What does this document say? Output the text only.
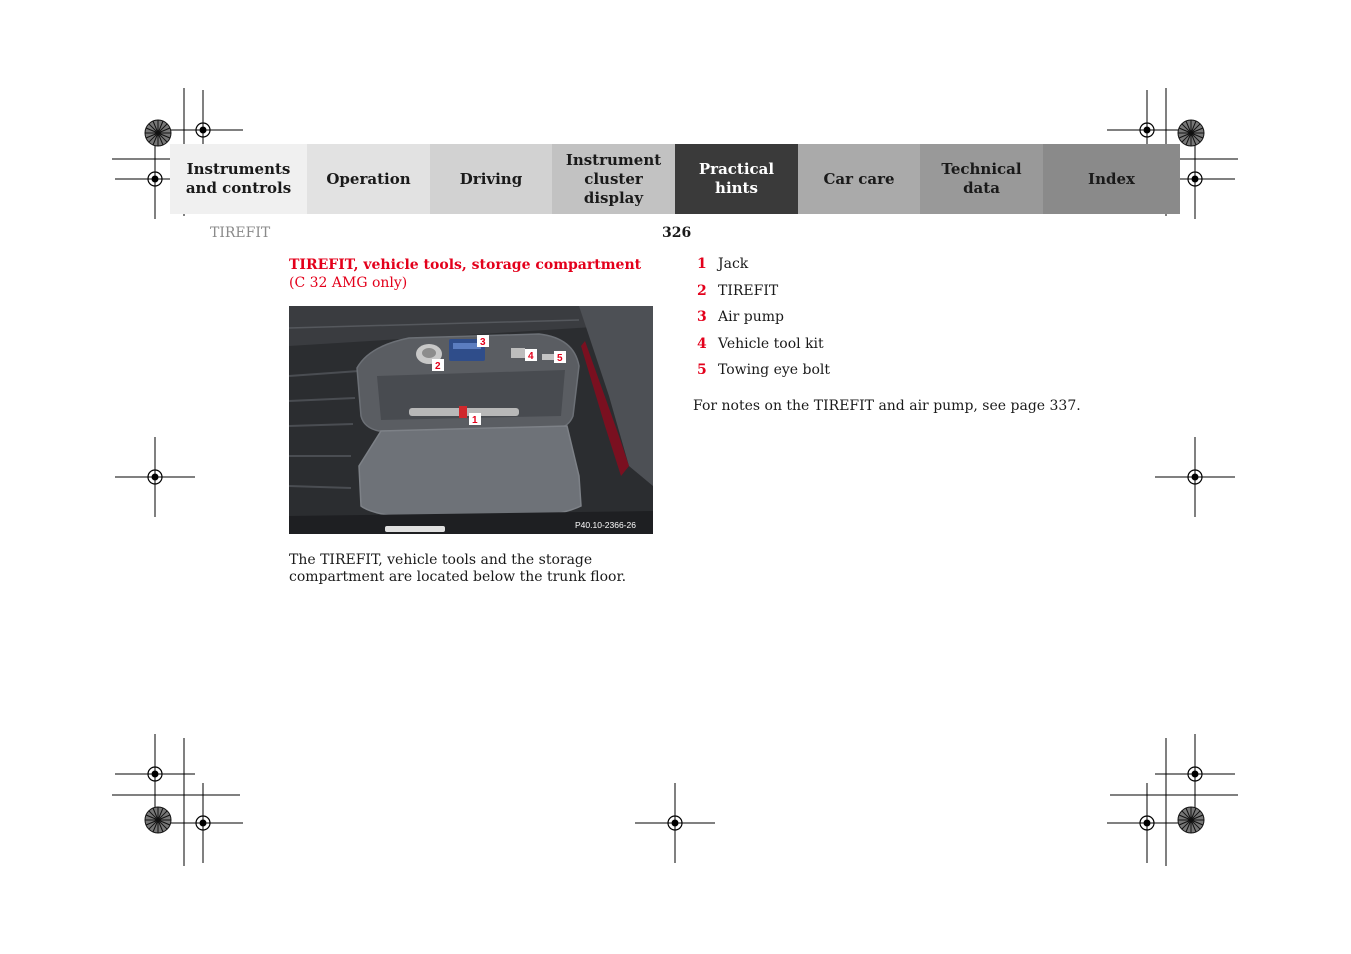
Instruments
and controls
Operation	Driving
Instrument
cluster display
Practical hints
Car care
Technical
data
Index
TIREFIT	326
TIREFIT, vehicle tools, storage compartment
(C 32 AMG only)
1
2
3
4 5
P40.10-2366-26
The TIREFIT, vehicle tools and the storage compartment are located below the trunk floor.
1 Jack
2 TIREFIT
3 Air pump
4 Vehicle tool kit
5 Towing eye bolt
For notes on the TIREFIT and air pump, see page 337.
